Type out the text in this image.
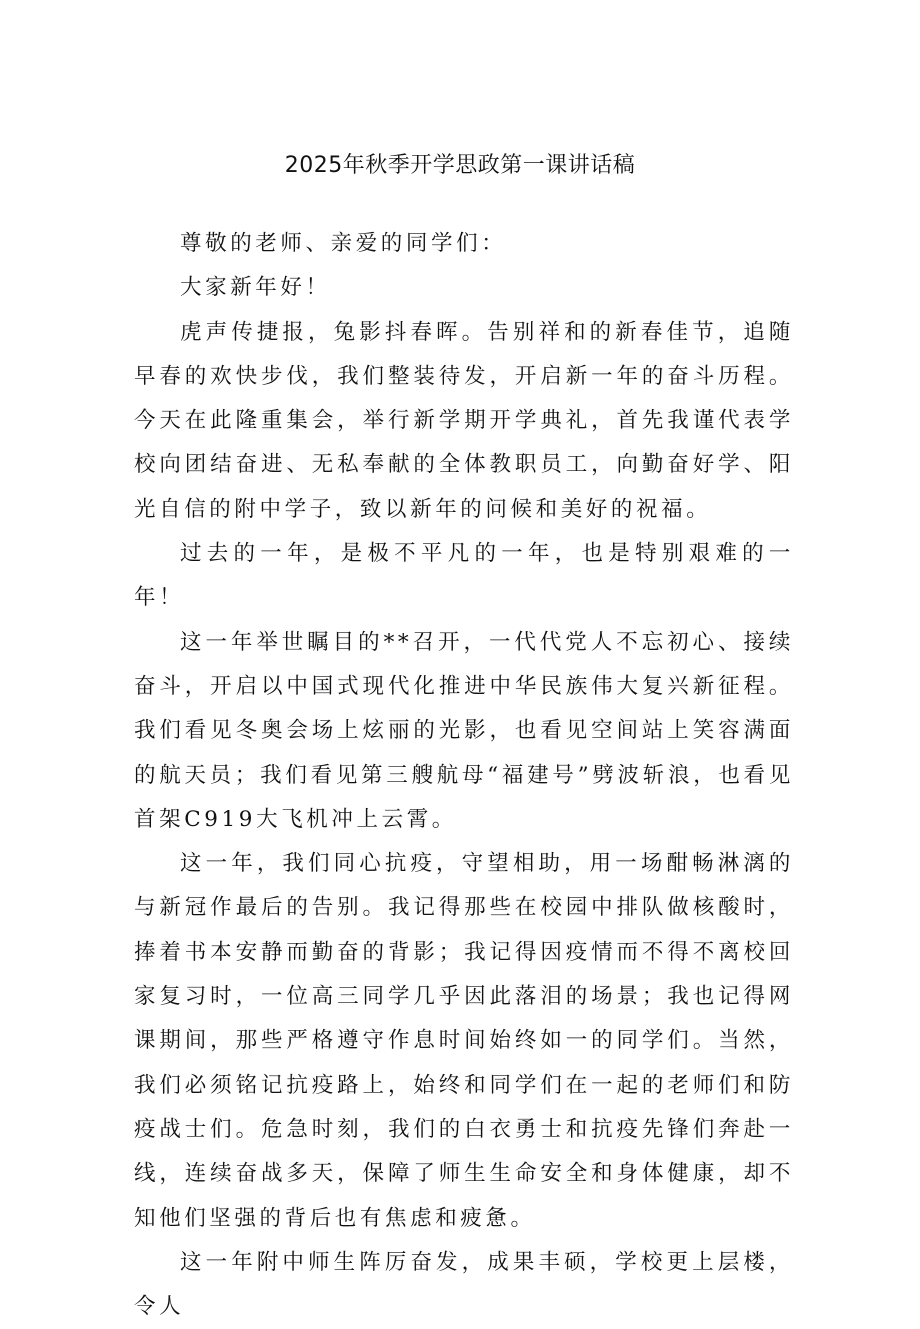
2025年秋季开学思政第一课讲话稿

尊敬的老师、亲爱的同学们：

大家新年好！

虎声传捷报，兔影抖春晖。告别祥和的新春佳节，追随早春的欢快步伐，我们整装待发，开启新一年的奋斗历程。今天在此隆重集会，举行新学期开学典礼，首先我谨代表学校向团结奋进、无私奉献的全体教职员工，向勤奋好学、阳光自信的附中学子，致以新年的问候和美好的祝福。

过去的一年，是极不平凡的一年，也是特别艰难的一年！

这一年举世瞩目的**召开，一代代党人不忘初心、接续奋斗，开启以中国式现代化推进中华民族伟大复兴新征程。我们看见冬奥会场上炫丽的光影，也看见空间站上笑容满面的航天员；我们看见第三艘航母“福建号”劈波斩浪，也看见首架C919大飞机冲上云霄。

这一年，我们同心抗疫，守望相助，用一场酣畅淋漓的与新冠作最后的告别。我记得那些在校园中排队做核酸时，捧着书本安静而勤奋的背影；我记得因疫情而不得不离校回家复习时，一位高三同学几乎因此落泪的场景；我也记得网课期间，那些严格遵守作息时间始终如一的同学们。当然，我们必须铭记抗疫路上，始终和同学们在一起的老师们和防疫战士们。危急时刻，我们的白衣勇士和抗疫先锋们奔赴一线，连续奋战多天，保障了师生生命安全和身体健康，却不知他们坚强的背后也有焦虑和疲惫。

这一年附中师生阵厉奋发，成果丰硕，学校更上层楼，令人
